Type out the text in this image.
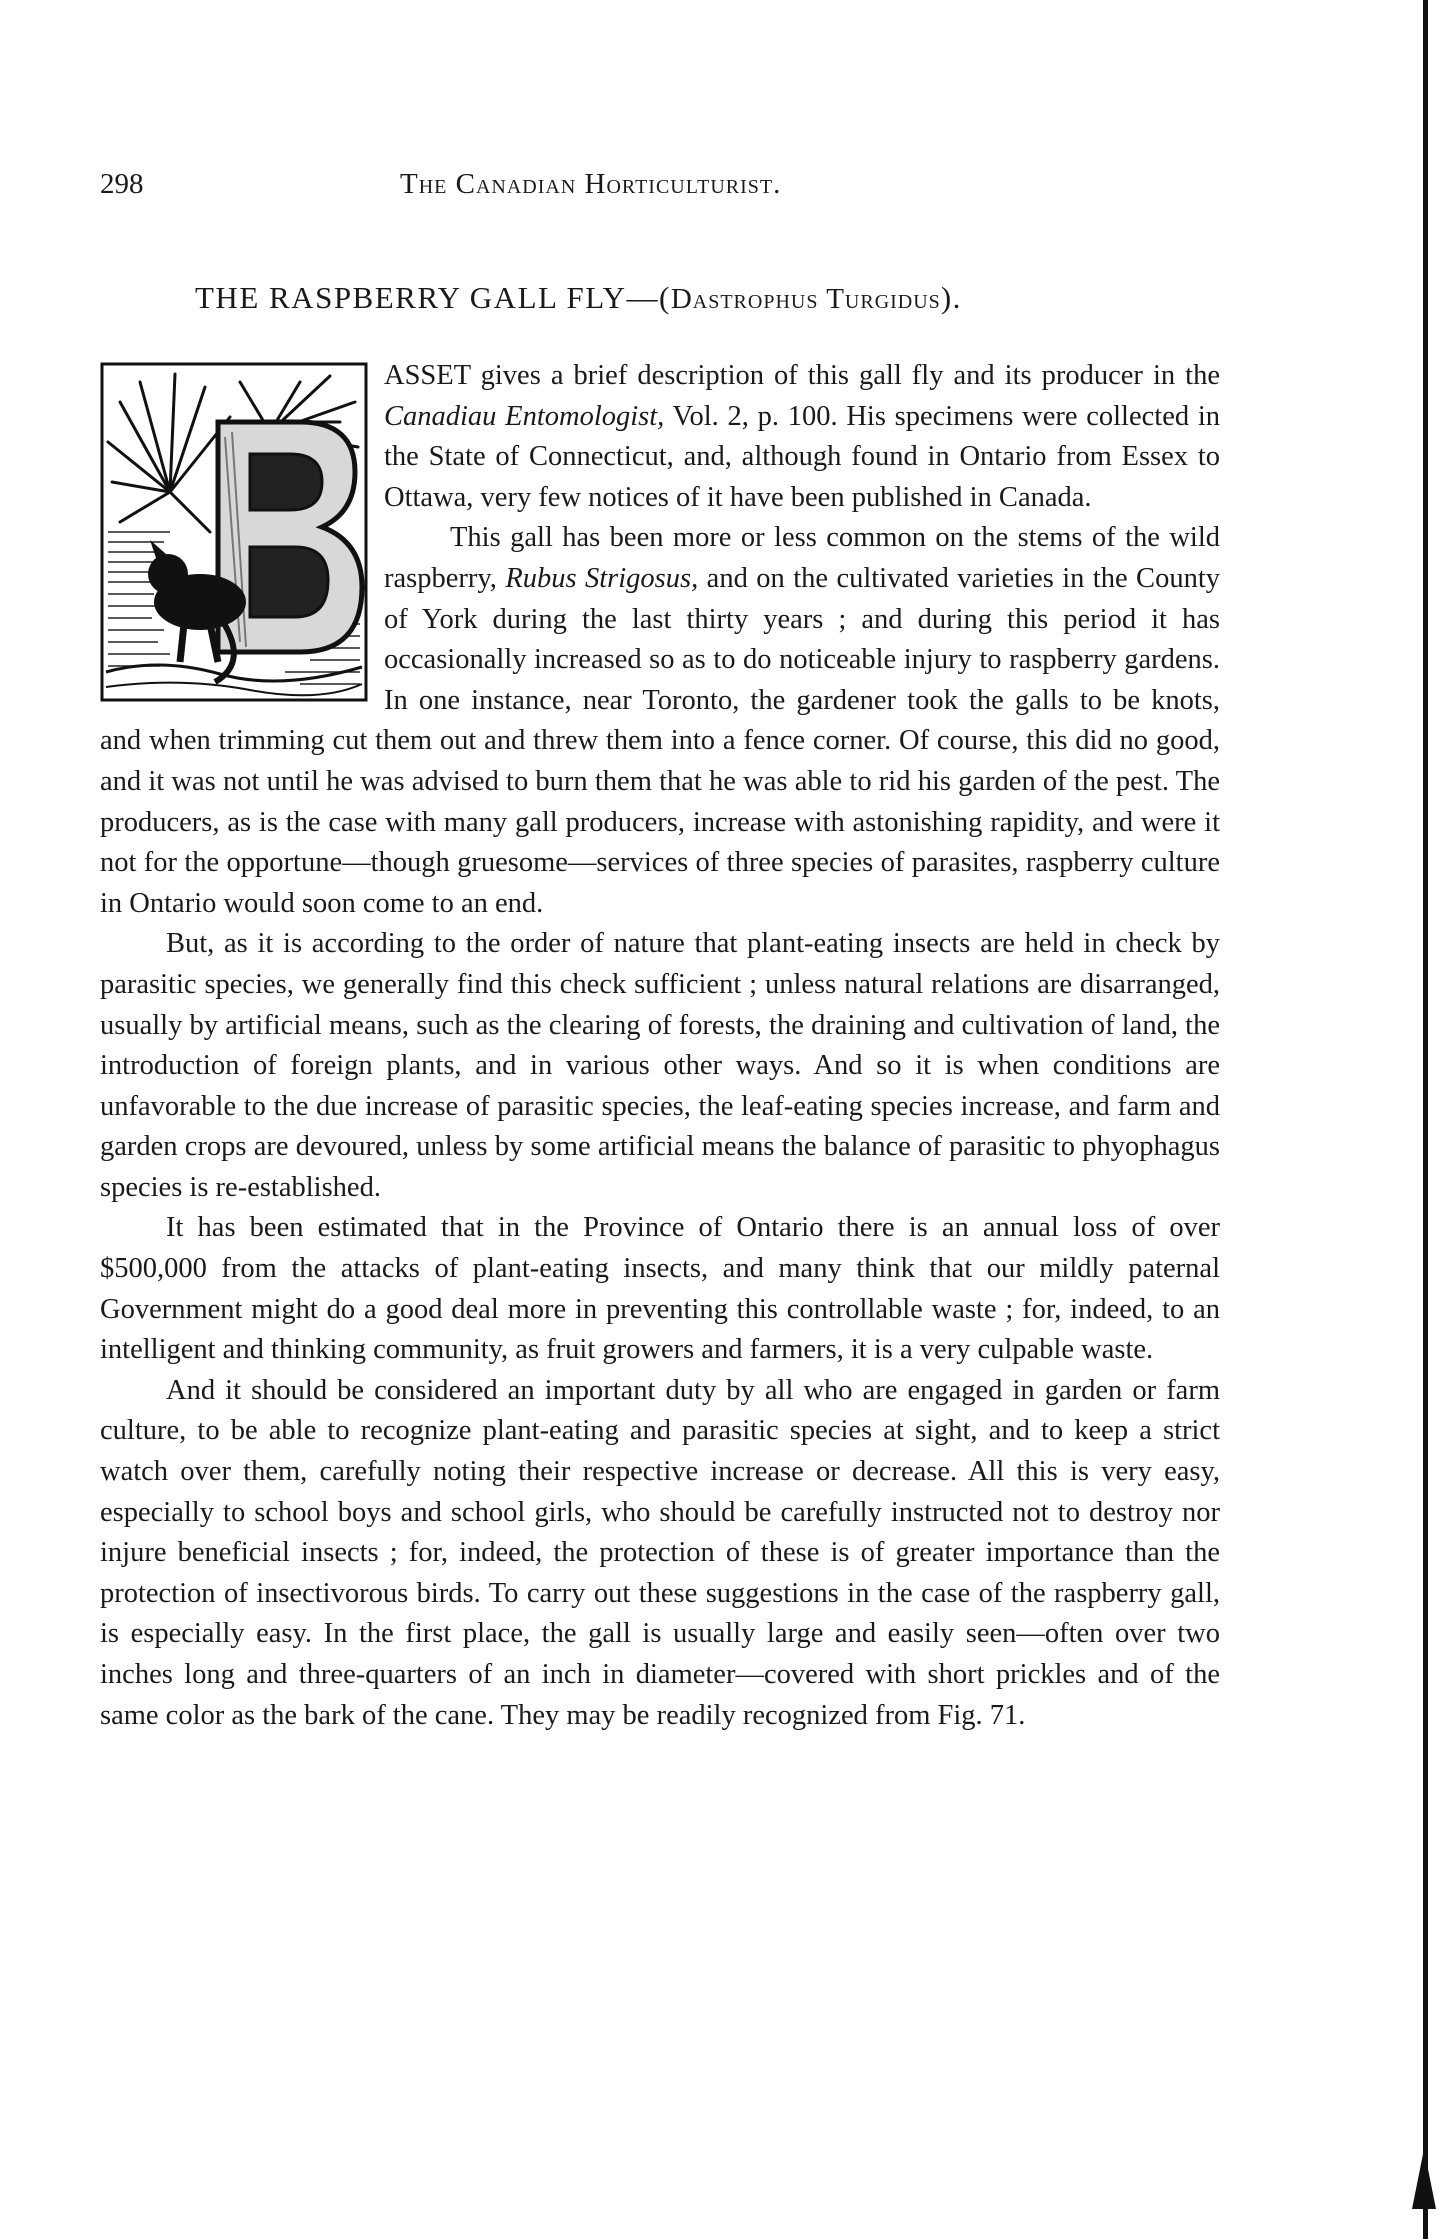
298	The Canadian Horticulturist.
THE RASPBERRY GALL FLY—(Dastrophus Turgidus).

ASSET gives a brief description of this gall fly and its producer in the Canadiau Entomologist, Vol. 2, p. 100. His specimens were collected in the State of Connecticut, and, although found in Ontario from Essex to Ottawa, very few notices of it have been published in Canada.

This gall has been more or less common on the stems of the wild raspberry, Rubus Strigosus, and on the cultivated varieties in the County of York during the last thirty years ; and during this period it has occasionally increased so as to do noticeable injury to raspberry gardens. In one instance, near Toronto, the gardener took the galls to be knots, and when trimming cut them out and threw them into a fence corner. Of course, this did no good, and it was not until he was advised to burn them that he was able to rid his garden of the pest. The producers, as is the case with many gall producers, increase with astonishing rapidity, and were it not for the opportune—though gruesome—services of three species of parasites, raspberry culture in Ontario would soon come to an end.

But, as it is according to the order of nature that plant-eating insects are held in check by parasitic species, we generally find this check sufficient ; unless natural relations are disarranged, usually by artificial means, such as the clearing of forests, the draining and cultivation of land, the introduction of foreign plants, and in various other ways. And so it is when conditions are unfavorable to the due increase of parasitic species, the leaf-eating species increase, and farm and garden crops are devoured, unless by some artificial means the balance of parasitic to phyophagus species is re-established.

It has been estimated that in the Province of Ontario there is an annual loss of over $500,000 from the attacks of plant-eating insects, and many think that our mildly paternal Government might do a good deal more in preventing this controllable waste ; for, indeed, to an intelligent and thinking community, as fruit growers and farmers, it is a very culpable waste.

And it should be considered an important duty by all who are engaged in garden or farm culture, to be able to recognize plant-eating and parasitic species at sight, and to keep a strict watch over them, carefully noting their respective increase or decrease. All this is very easy, especially to school boys and school girls, who should be carefully instructed not to destroy nor injure beneficial insects ; for, indeed, the protection of these is of greater importance than the protection of insectivorous birds. To carry out these suggestions in the case of the raspberry gall, is especially easy. In the first place, the gall is usually large and easily seen—often over two inches long and three-quarters of an inch in diameter—covered with short prickles and of the same color as the bark of the cane. They may be readily recognized from Fig. 71.
